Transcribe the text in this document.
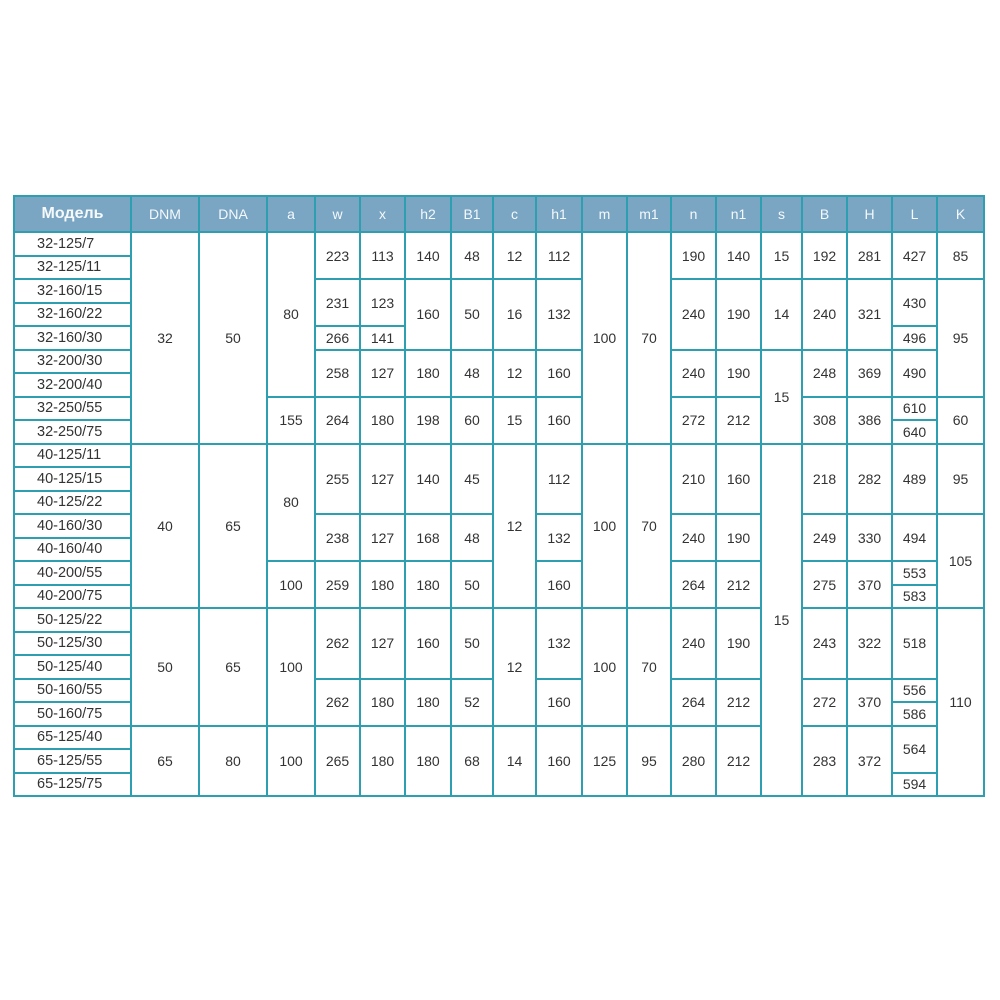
Модель	DNM	DNA	a	w	x	h2	B1	c	h1	m	m1	n	n1	s	B	H	L	K
32-125/7	32	50	80	223	113	140	48	12	112	100	70	190	140	15	192	281	427	85
32-125/11																		
32-160/15				231	123	160	50	16	132			240	190	14	240	321	430	95
32-160/22																		
32-160/30				266	141												496	
32-200/30				258	127	180	48	12	160			240	190	15	248	369	490	
32-200/40																		
32-250/55			155	264	180	198	60	15	160			272	212		308	386	610	60
32-250/75																	640	
40-125/11	40	65	80	255	127	140	45	12	112	100	70	210	160	15	218	282	489	95
40-125/15																		
40-125/22																		
40-160/30				238	127	168	48		132			240	190		249	330	494	105
40-160/40																		
40-200/55			100	259	180	180	50		160			264	212		275	370	553	
40-200/75																	583	
50-125/22	50	65	100	262	127	160	50	12	132	100	70	240	190		243	322	518	110
50-125/30																		
50-125/40																		
50-160/55				262	180	180	52		160			264	212		272	370	556	
50-160/75																	586	
65-125/40	65	80	100	265	180	180	68	14	160	125	95	280	212		283	372	564	
65-125/55																		
65-125/75																	594	
